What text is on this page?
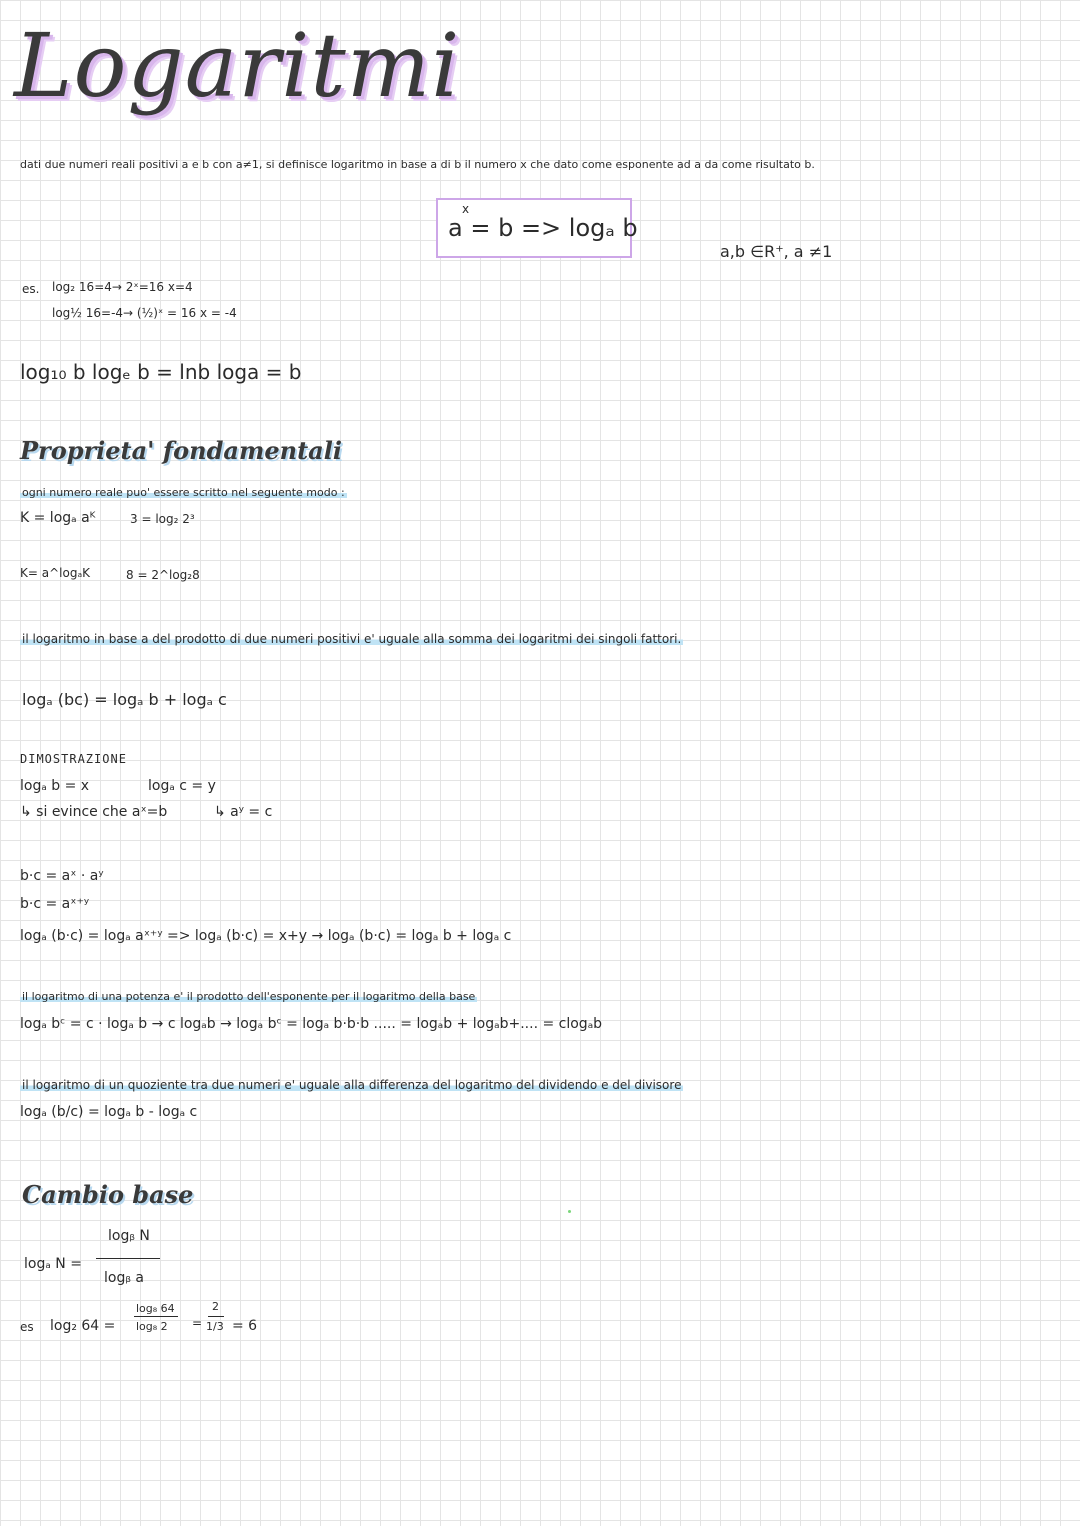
Logaritmi
dati due numeri reali positivi a e b con a≠1, si definisce logaritmo in base a di b il numero x che dato come esponente ad a da come risultato b.
x
a = b => logₐ b
a,b ∈R⁺, a ≠1
es. log₂ 16=4→ 2ˣ=16 x=4
log½ 16=-4→ (½)ˣ = 16 x = -4
log₁₀ b logₑ b = lnb loga = b
Proprieta' fondamentali
ogni numero reale puo' essere scritto nel seguente modo :
K = logₐ aᴷ	3 = log₂ 2³
K= a^logₐK	8 = 2^log₂8
il logaritmo in base a del prodotto di due numeri positivi e' uguale alla somma dei logaritmi dei singoli fattori.
logₐ (bc) = logₐ b + logₐ c
DIMOSTRAZIONE
logₐ b = x	logₐ c = y
↳ si evince che aˣ=b	↳ aʸ = c
b·c = aˣ · aʸ
b·c = aˣ⁺ʸ
logₐ (b·c) = logₐ aˣ⁺ʸ => logₐ (b·c) = x+y → logₐ (b·c) = logₐ b + logₐ c
il logaritmo di una potenza e' il prodotto dell'esponente per il logaritmo della base
logₐ bᶜ = c · logₐ b → c logₐb → logₐ bᶜ = logₐ b·b·b ..... = logₐb + logₐb+.... = clogₐb
il logaritmo di un quoziente tra due numeri e' uguale alla differenza del logaritmo del dividendo e del divisore
logₐ (b/c) = logₐ b - logₐ c
Cambio base
logₐ N =
logᵦ N
logᵦ a
es log₂ 64 =
log₈ 64
log₈ 2 =
2
1/3 = 6
